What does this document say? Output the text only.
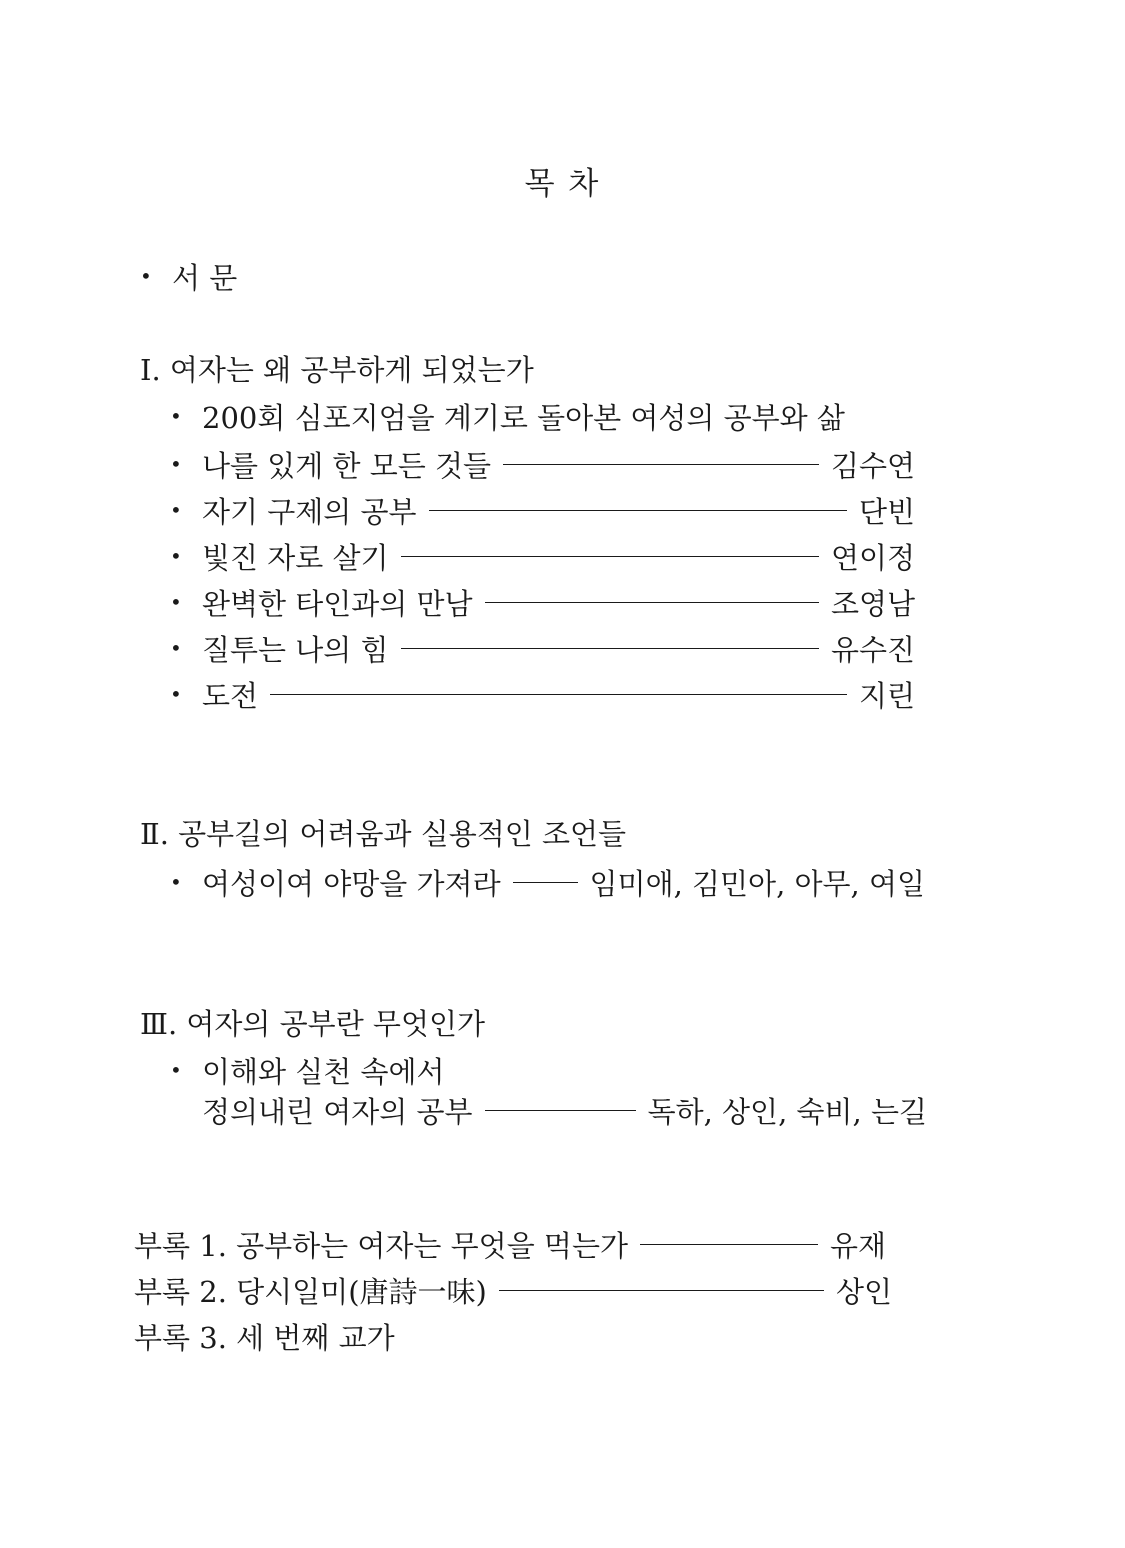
목 차
• 서 문
Ⅰ. 여자는 왜 공부하게 되었는가
• 200회 심포지엄을 계기로 돌아본 여성의 공부와 삶
• 나를 있게 한 모든 것들	김수연
• 자기 구제의 공부	단빈
• 빛진 자로 살기	연이정
• 완벽한 타인과의 만남	조영남
• 질투는 나의 힘	유수진
• 도전	지린
Ⅱ. 공부길의 어려움과 실용적인 조언들
• 여성이여 야망을 가져라	임미애, 김민아, 아무, 여일
Ⅲ. 여자의 공부란 무엇인가
• 이해와 실천 속에서
정의내린 여자의 공부	독하, 상인, 숙비, 는길
부록 1. 공부하는 여자는 무엇을 먹는가	유재
부록 2. 당시일미(唐詩一味)	상인
부록 3. 세 번째 교가
